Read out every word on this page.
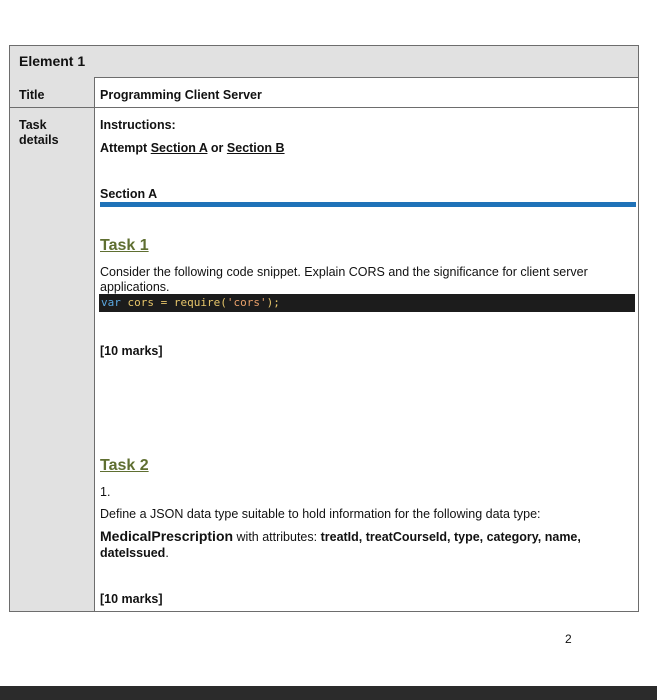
Element 1
Title	Programming Client Server
Task
details
Instructions:
Attempt Section A or Section B
Section A
Task 1
Consider the following code snippet. Explain CORS and the significance for client server
applications.
var cors = require('cors');
[10 marks]
Task 2
1.
Define a JSON data type suitable to hold information for the following data type:
MedicalPrescription with attributes: treatId, treatCourseId, type, category, name,
dateIssued.
[10 marks]
2
